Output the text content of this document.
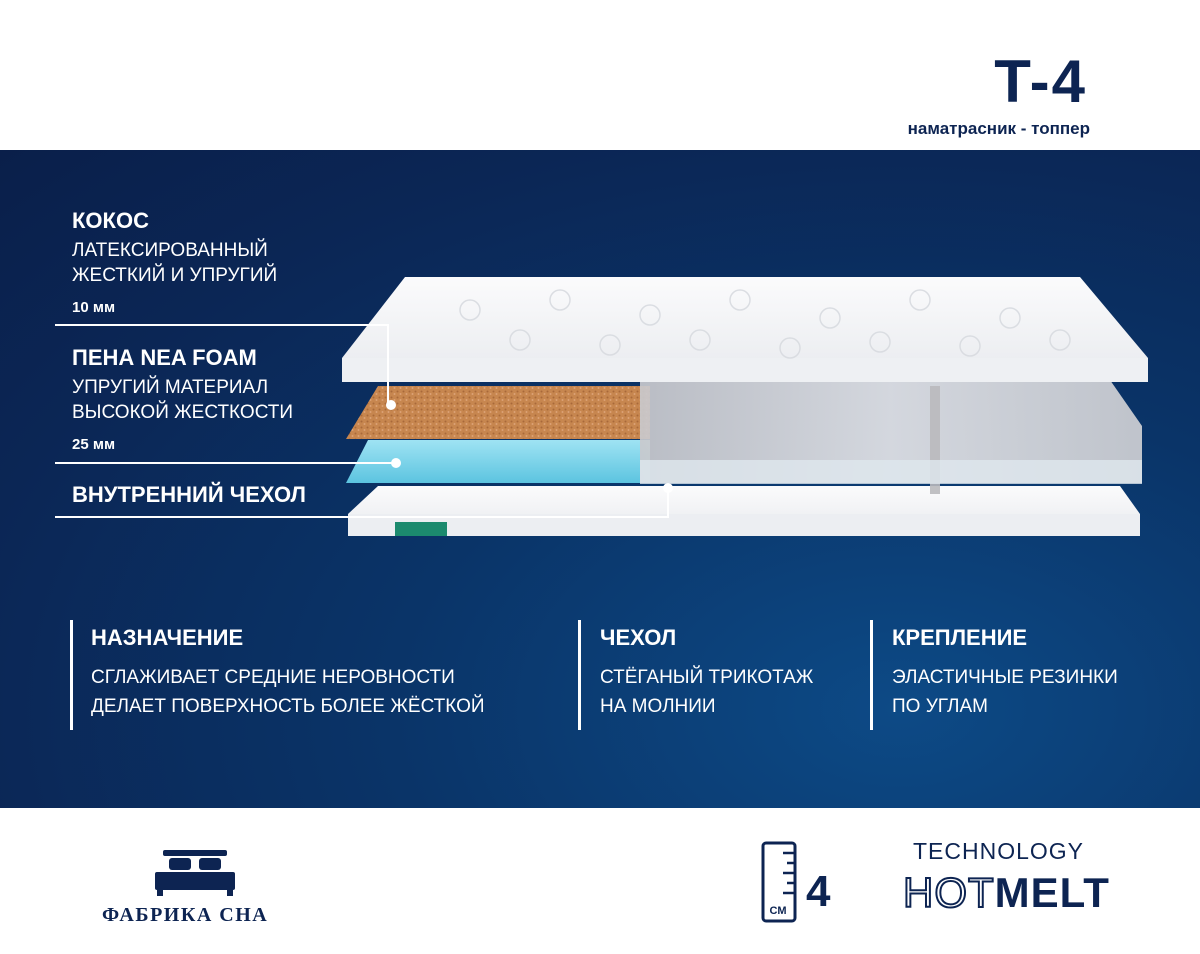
T-4
наматрасник - топпер
КОКОС
ЛАТЕКСИРОВАННЫЙ
ЖЕСТКИЙ И УПРУГИЙ
10 мм
ПЕНА NEA FOAM
УПРУГИЙ МАТЕРИАЛ
ВЫСОКОЙ ЖЕСТКОСТИ
25 мм
ВНУТРЕННИЙ ЧЕХОЛ
НАЗНАЧЕНИЕ
СГЛАЖИВАЕТ СРЕДНИЕ НЕРОВНОСТИ
ДЕЛАЕТ ПОВЕРХНОСТЬ БОЛЕЕ ЖЁСТКОЙ
ЧЕХОЛ
СТЁГАНЫЙ ТРИКОТАЖ
НА МОЛНИИ
КРЕПЛЕНИЕ
ЭЛАСТИЧНЫЕ РЕЗИНКИ
ПО УГЛАМ
ФАБРИКА СНА	СМ 4
TECHNOLOGY
HOTMELT
